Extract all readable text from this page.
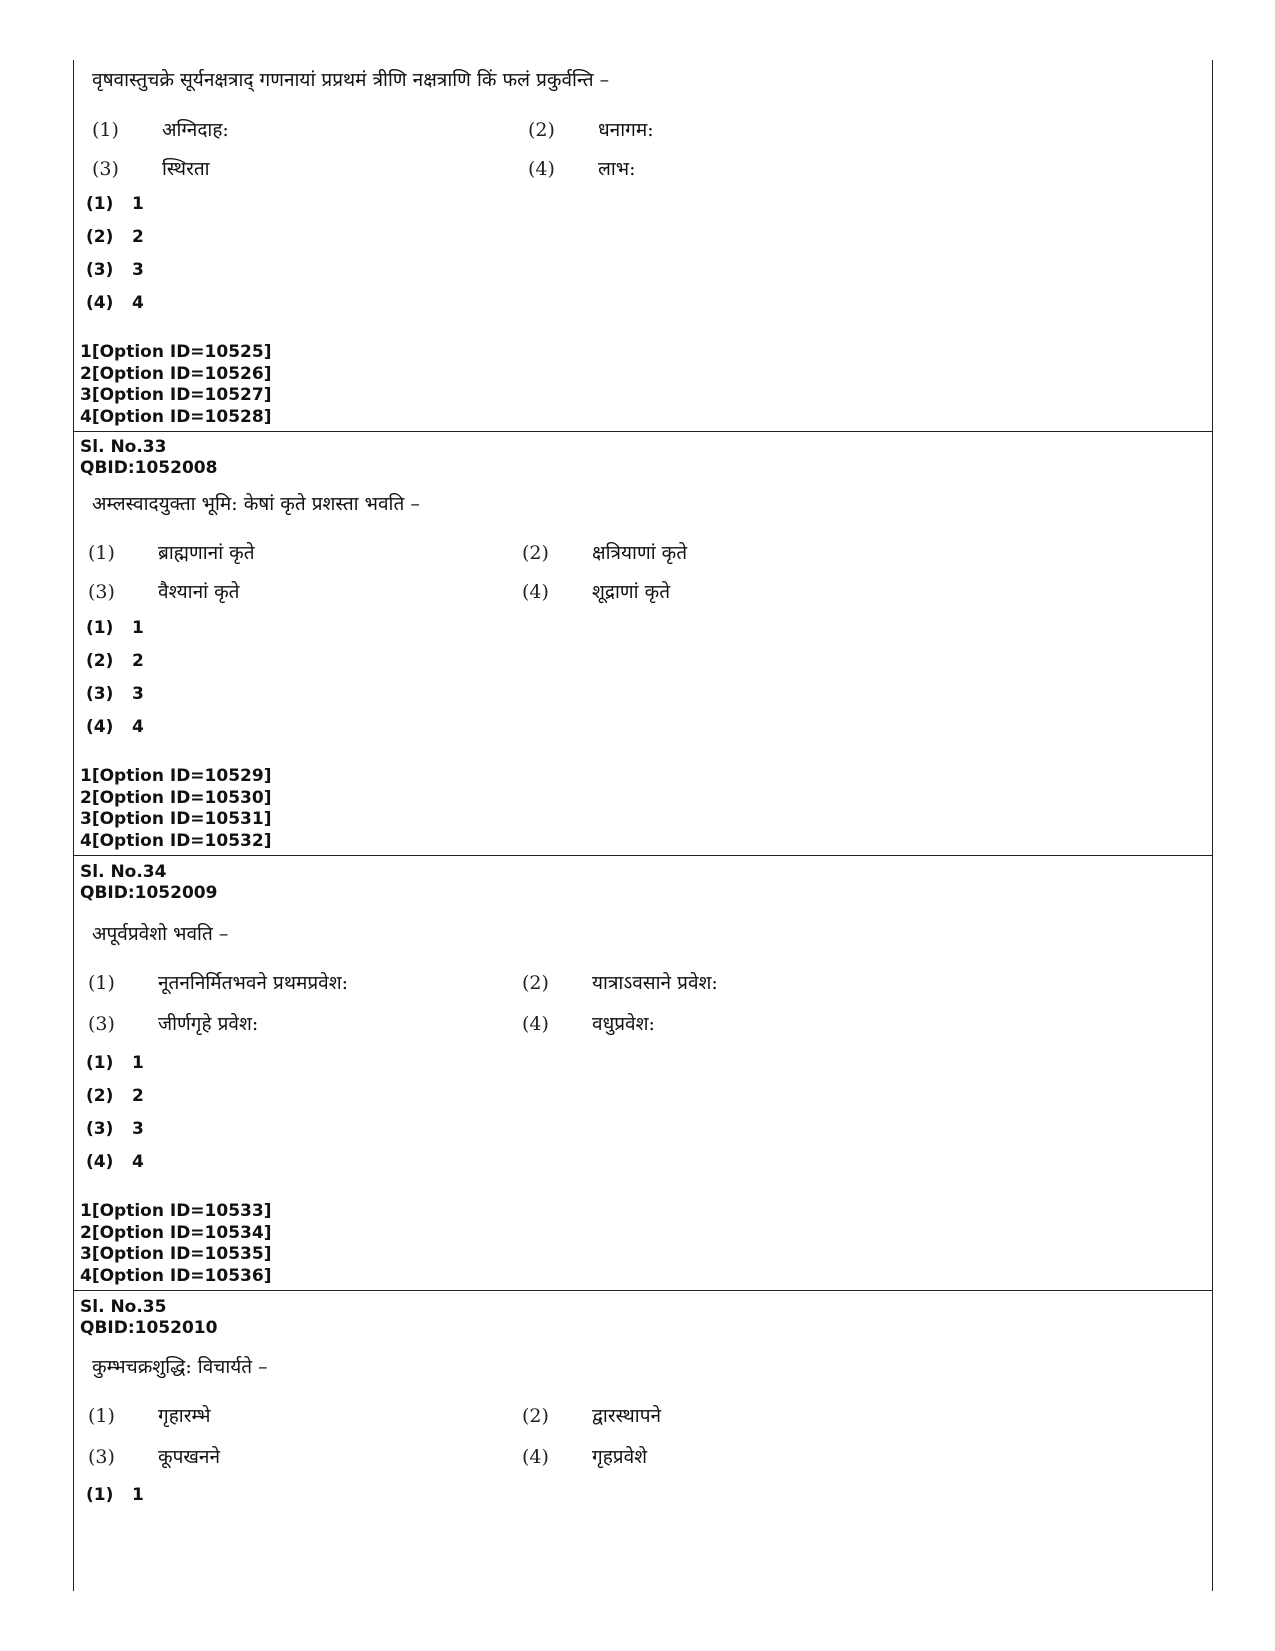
वृषवास्तुचक्रे सूर्यनक्षत्राद् गणनायां प्रप्रथमं त्रीणि नक्षत्राणि किं फलं प्रकुर्वन्ति –
(1) अग्निदाह:	(2) धनागम:
(3) स्थिरता	(4) लाभ:
(1) 1
(2) 2
(3) 3
(4) 4
1[Option ID=10525]
2[Option ID=10526]
3[Option ID=10527]
4[Option ID=10528]
Sl. No.33
QBID:1052008
अम्लस्वादयुक्ता भूमि: केषां कृते प्रशस्ता भवति –
(1) ब्राह्मणानां कृते	(2) क्षत्रियाणां कृते
(3) वैश्यानां कृते	(4) शूद्राणां कृते
(1) 1
(2) 2
(3) 3
(4) 4
1[Option ID=10529]
2[Option ID=10530]
3[Option ID=10531]
4[Option ID=10532]
Sl. No.34
QBID:1052009
अपूर्वप्रवेशो भवति –
(1) नूतननिर्मितभवने प्रथमप्रवेश:	(2) यात्राऽवसाने प्रवेश:
(3) जीर्णगृहे प्रवेश:	(4) वधुप्रवेश:
(1) 1
(2) 2
(3) 3
(4) 4
1[Option ID=10533]
2[Option ID=10534]
3[Option ID=10535]
4[Option ID=10536]
Sl. No.35
QBID:1052010
कुम्भचक्रशुद्धि: विचार्यते –
(1) गृहारम्भे	(2) द्वारस्थापने
(3) कूपखनने	(4) गृहप्रवेशे
(1) 1
